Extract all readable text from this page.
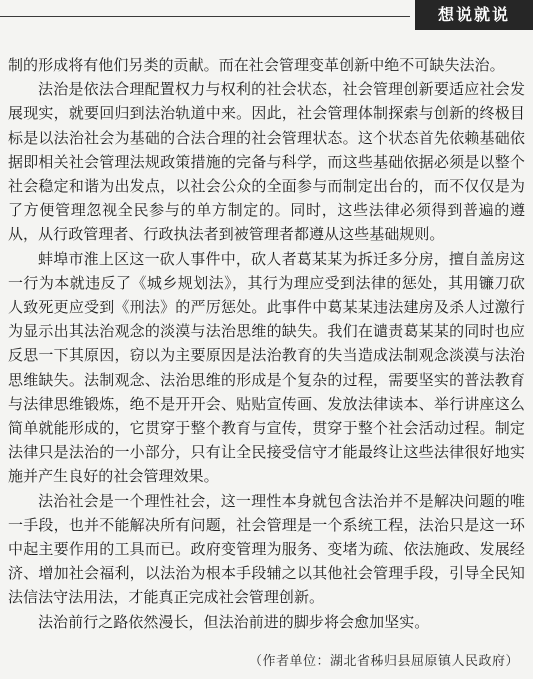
想说就说

制的形成将有他们另类的贡献。而在社会管理变革创新中绝不可缺失法治。

法治是依法合理配置权力与权利的社会状态，社会管理创新要适应社会发展现实，就要回归到法治轨道中来。因此，社会管理体制探索与创新的终极目标是以法治社会为基础的合法合理的社会管理状态。这个状态首先依赖基础依据即相关社会管理法规政策措施的完备与科学，而这些基础依据必须是以整个社会稳定和谐为出发点，以社会公众的全面参与而制定出台的，而不仅仅是为了方便管理忽视全民参与的单方制定的。同时，这些法律必须得到普遍的遵从，从行政管理者、行政执法者到被管理者都遵从这些基础规则。

蚌埠市淮上区这一砍人事件中，砍人者葛某某为拆迁多分房，擅自盖房这一行为本就违反了《城乡规划法》，其行为理应受到法律的惩处，其用镰刀砍人致死更应受到《刑法》的严厉惩处。此事件中葛某某违法建房及杀人过激行为显示出其法治观念的淡漠与法治思维的缺失。我们在谴责葛某某的同时也应反思一下其原因，窃以为主要原因是法治教育的失当造成法制观念淡漠与法治思维缺失。法制观念、法治思维的形成是个复杂的过程，需要坚实的普法教育与法律思维锻炼，绝不是开开会、贴贴宣传画、发放法律读本、举行讲座这么简单就能形成的，它贯穿于整个教育与宣传，贯穿于整个社会活动过程。制定法律只是法治的一小部分，只有让全民接受信守才能最终让这些法律很好地实施并产生良好的社会管理效果。

法治社会是一个理性社会，这一理性本身就包含法治并不是解决问题的唯一手段，也并不能解决所有问题，社会管理是一个系统工程，法治只是这一环中起主要作用的工具而已。政府变管理为服务、变堵为疏、依法施政、发展经济、增加社会福利，以法治为根本手段辅之以其他社会管理手段，引导全民知法信法守法用法，才能真正完成社会管理创新。

法治前行之路依然漫长，但法治前进的脚步将会愈加坚实。

（作者单位：湖北省秭归县屈原镇人民政府）
